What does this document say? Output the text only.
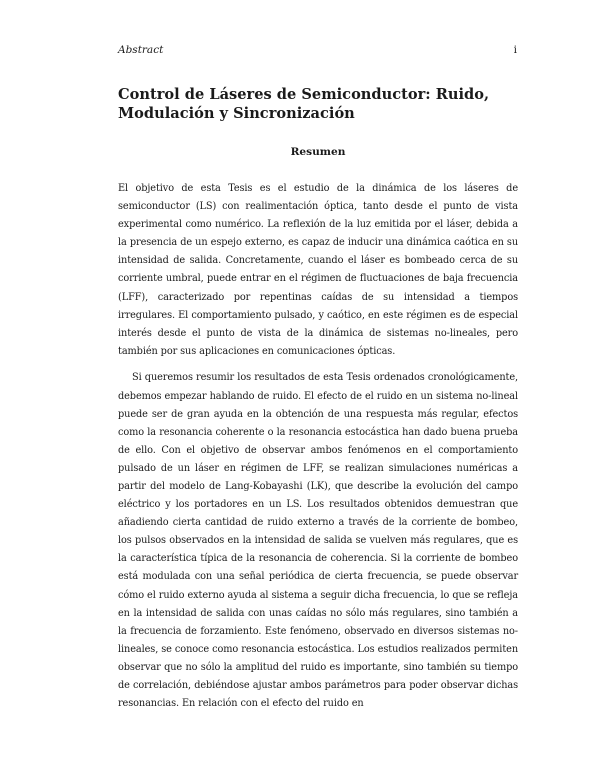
Abstract	i
Control de Láseres de Semiconductor: Ruido, Modulación y Sincronización
Resumen

El objetivo de esta Tesis es el estudio de la dinámica de los láseres de semiconductor (LS) con realimentación óptica, tanto desde el punto de vista experimental como numérico. La reflexión de la luz emitida por el láser, debida a la presencia de un espejo externo, es capaz de inducir una dinámica caótica en su intensidad de salida. Concretamente, cuando el láser es bombeado cerca de su corriente umbral, puede entrar en el régimen de fluctuaciones de baja frecuencia (LFF), caracterizado por repentinas caídas de su intensidad a tiempos irregulares. El comportamiento pulsado, y caótico, en este régimen es de especial interés desde el punto de vista de la dinámica de sistemas no-lineales, pero también por sus aplicaciones en comunicaciones ópticas.

Si queremos resumir los resultados de esta Tesis ordenados cronológicamente, debemos empezar hablando de ruido. El efecto de el ruido en un sistema no-lineal puede ser de gran ayuda en la obtención de una respuesta más regular, efectos como la resonancia coherente o la resonancia estocástica han dado buena prueba de ello. Con el objetivo de observar ambos fenómenos en el comportamiento pulsado de un láser en régimen de LFF, se realizan simulaciones numéricas a partir del modelo de Lang-Kobayashi (LK), que describe la evolución del campo eléctrico y los portadores en un LS. Los resultados obtenidos demuestran que añadiendo cierta cantidad de ruido externo a través de la corriente de bombeo, los pulsos observados en la intensidad de salida se vuelven más regulares, que es la característica típica de la resonancia de coherencia. Si la corriente de bombeo está modulada con una señal periódica de cierta frecuencia, se puede observar cómo el ruido externo ayuda al sistema a seguir dicha frecuencia, lo que se refleja en la intensidad de salida con unas caídas no sólo más regulares, sino también a la frecuencia de forzamiento. Este fenómeno, observado en diversos sistemas no-lineales, se conoce como resonancia estocástica. Los estudios realizados permiten observar que no sólo la amplitud del ruido es importante, sino también su tiempo de correlación, debiéndose ajustar ambos parámetros para poder observar dichas resonancias. En relación con el efecto del ruido en
